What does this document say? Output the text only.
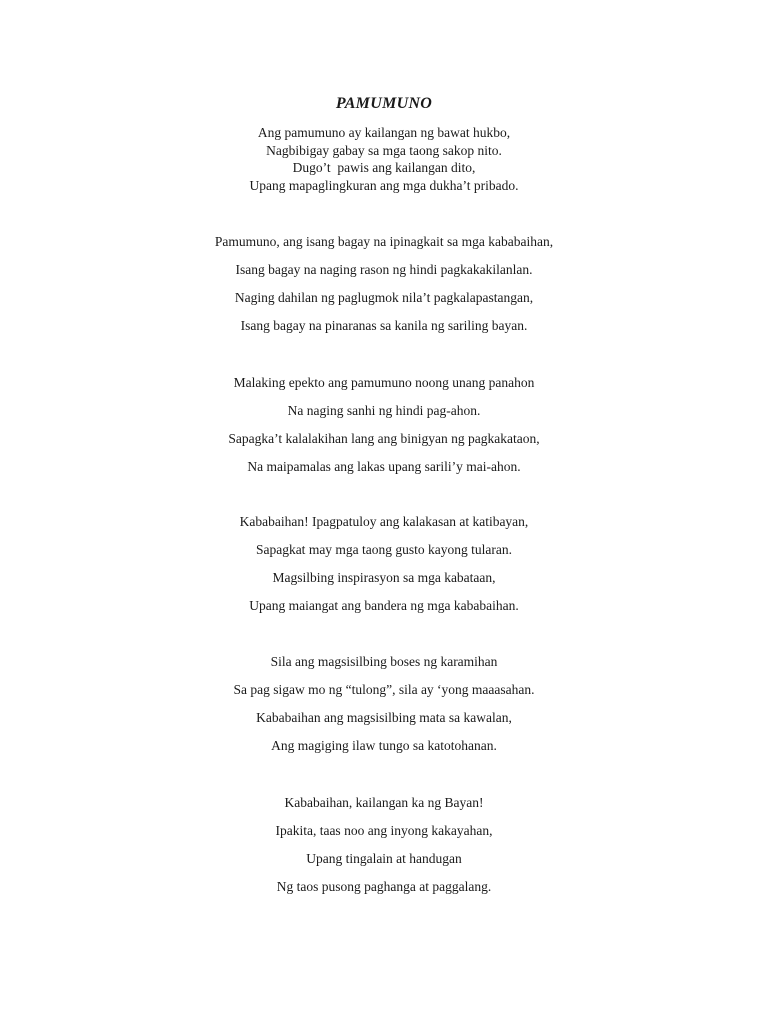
PAMUMUNO
Ang pamumuno ay kailangan ng bawat hukbo,
Nagbibigay gabay sa mga taong sakop nito.
Dugo’t  pawis ang kailangan dito,
Upang mapaglingkuran ang mga dukha’t pribado.
Pamumuno, ang isang bagay na ipinagkait sa mga kababaihan,
Isang bagay na naging rason ng hindi pagkakakilanlan.
Naging dahilan ng paglugmok nila’t pagkalapastangan,
Isang bagay na pinaranas sa kanila ng sariling bayan.
Malaking epekto ang pamumuno noong unang panahon
Na naging sanhi ng hindi pag-ahon.
Sapagka’t kalalakihan lang ang binigyan ng pagkakataon,
Na maipamalas ang lakas upang sarili’y mai-ahon.
Kababaihan! Ipagpatuloy ang kalakasan at katibayan,
Sapagkat may mga taong gusto kayong tularan.
Magsilbing inspirasyon sa mga kabataan,
Upang maiangat ang bandera ng mga kababaihan.
Sila ang magsisilbing boses ng karamihan
Sa pag sigaw mo ng “tulong”, sila ay ‘yong maaasahan.
Kababaihan ang magsisilbing mata sa kawalan,
Ang magiging ilaw tungo sa katotohanan.
Kababaihan, kailangan ka ng Bayan!
Ipakita, taas noo ang inyong kakayahan,
Upang tingalain at handugan
Ng taos pusong paghanga at paggalang.
